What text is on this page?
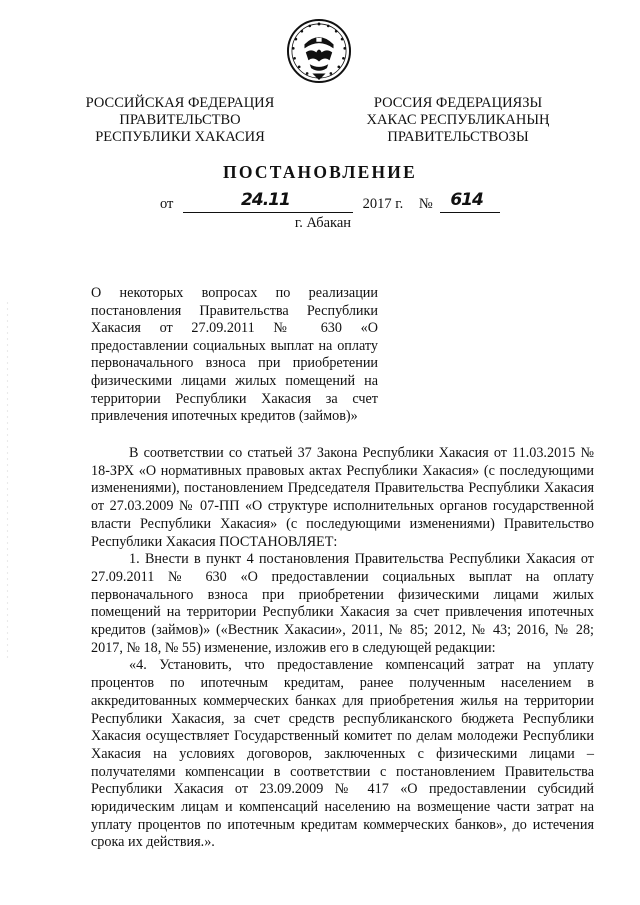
РОССИЙСКАЯ ФЕДЕРАЦИЯ
ПРАВИТЕЛЬСТВО
РЕСПУБЛИКИ ХАКАСИЯ
РОССИЯ ФЕДЕРАЦИЯЗЫ
ХАКАС РЕСПУБЛИКАНЫҢ
ПРАВИТЕЛЬСТВОЗЫ
ПОСТАНОВЛЕНИЕ
от	24.11	2017 г. № 614
г. Абакан
О некоторых вопросах по реализации постановления Правительства Республики Хакасия от 27.09.2011 № 630 «О предоставлении социальных выплат на оплату первоначального взноса при приобретении физическими лицами жилых помещений на территории Республики Хакасия за счет привлечения ипотечных кредитов (займов)»

В соответствии со статьей 37 Закона Республики Хакасия от 11.03.2015 № 18-ЗРХ «О нормативных правовых актах Республики Хакасия» (с последующими изменениями), постановлением Председателя Правительства Республики Хакасия от 27.03.2009 № 07-ПП «О структуре исполнительных органов государственной власти Республики Хакасия» (с последующими изменениями) Правительство Республики Хакасия ПОСТАНОВЛЯЕТ:

1. Внести в пункт 4 постановления Правительства Республики Хакасия от 27.09.2011 № 630 «О предоставлении социальных выплат на оплату первоначального взноса при приобретении физическими лицами жилых помещений на территории Республики Хакасия за счет привлечения ипотечных кредитов (займов)» («Вестник Хакасии», 2011, № 85; 2012, № 43; 2016, № 28; 2017, № 18, № 55) изменение, изложив его в следующей редакции:

«4. Установить, что предоставление компенсаций затрат на уплату процентов по ипотечным кредитам, ранее полученным населением в аккредитованных коммерческих банках для приобретения жилья на территории Республики Хакасия, за счет средств республиканского бюджета Республики Хакасия осуществляет Государственный комитет по делам молодежи Республики Хакасия на условиях договоров, заключенных с физическими лицами – получателями компенсации в соответствии с постановлением Правительства Республики Хакасия от 23.09.2009 № 417 «О предоставлении субсидий юридическим лицам и компенсаций населению на возмещение части затрат на уплату процентов по ипотечным кредитам коммерческих банков», до истечения срока их действия.».
